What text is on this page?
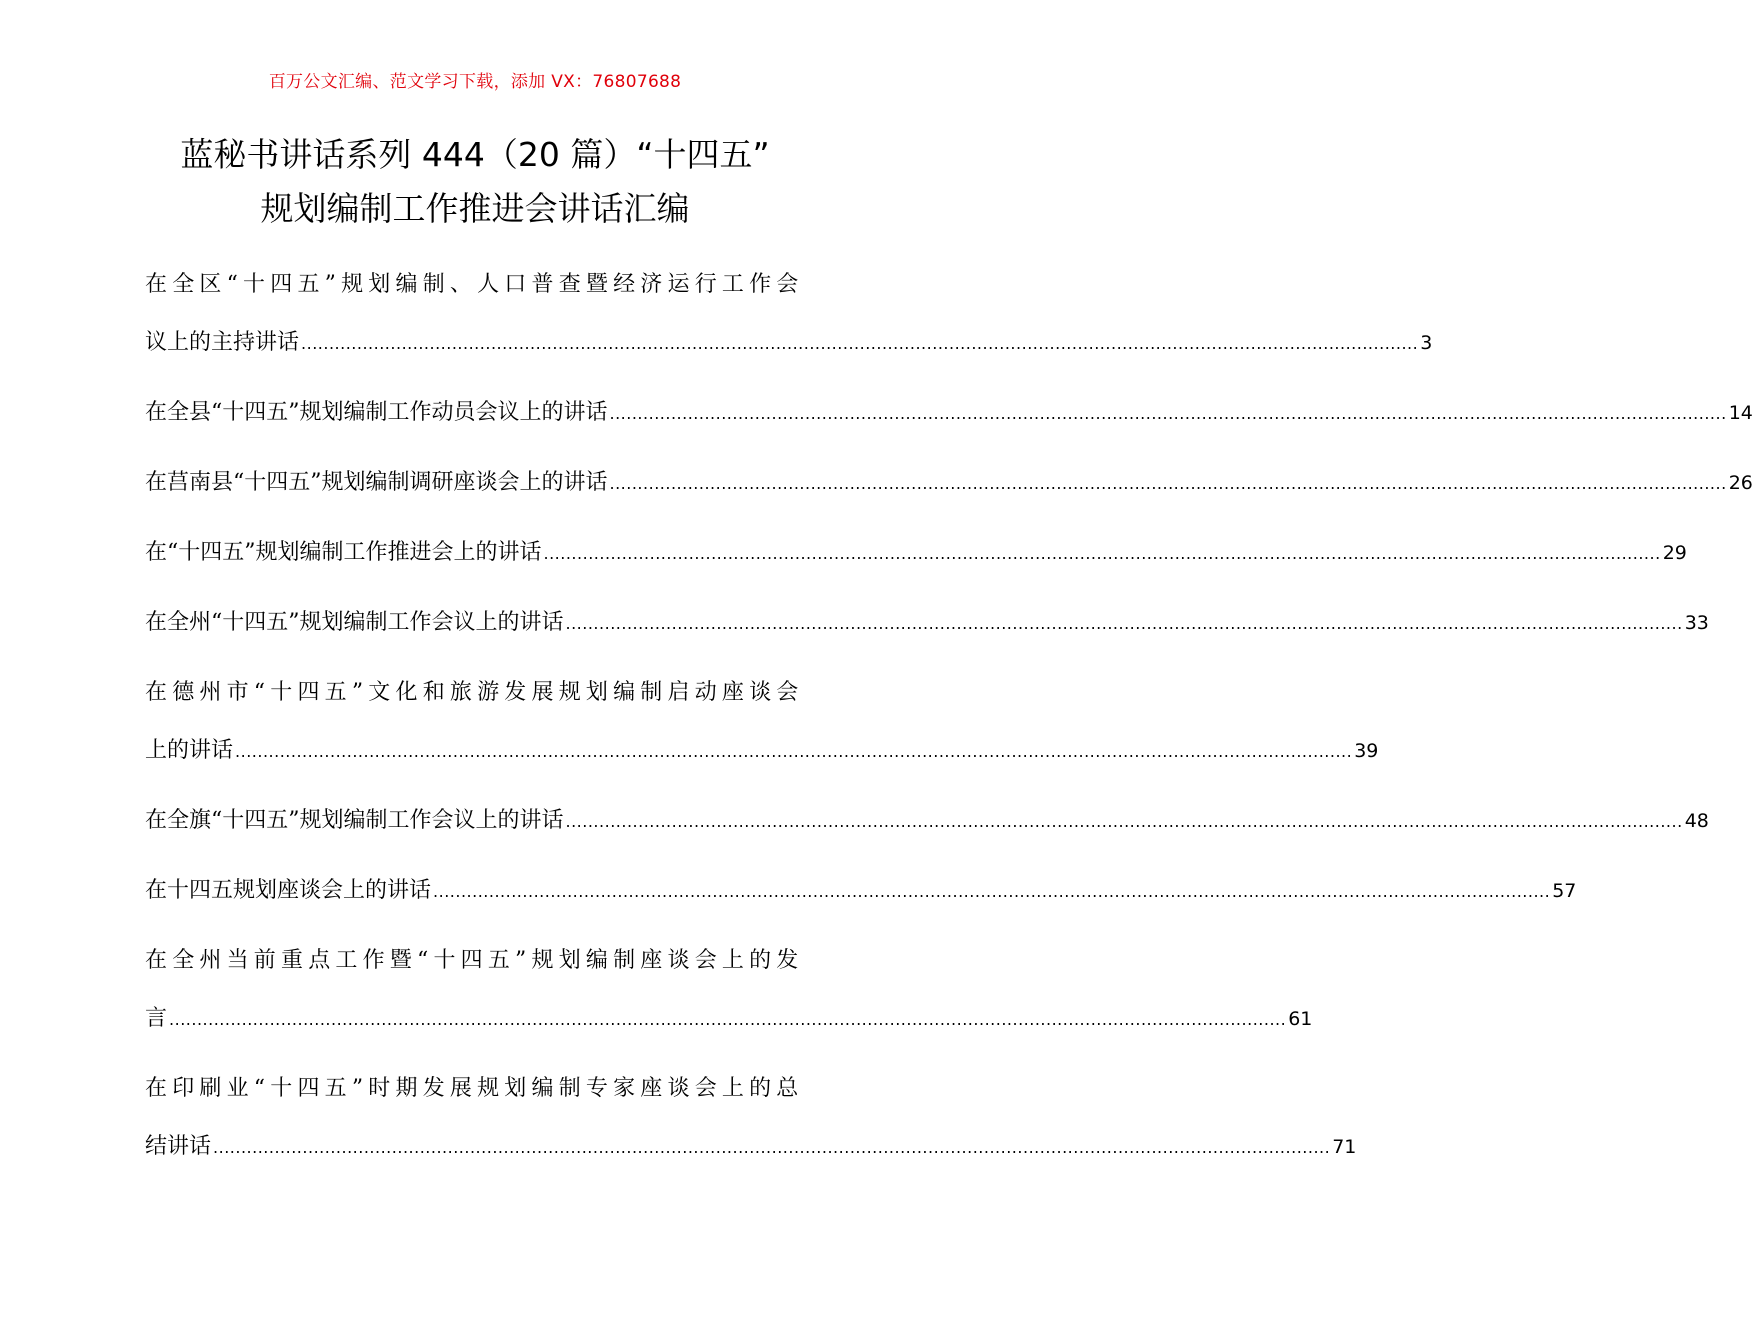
百万公文汇编、范文学习下载，添加 VX：76807688
蓝秘书讲话系列 444（20 篇）“十四五”
规划编制工作推进会讲话汇编
在全区“十四五”规划编制、人口普查暨经济运行工作会
议上的主持讲话 ........................................................................................................................................................................................................ 3
在全县“十四五”规划编制工作动员会议上的讲话 ........................................................................................................................................................................................................ 14
在莒南县“十四五”规划编制调研座谈会上的讲话 ........................................................................................................................................................................................................ 26
在“十四五”规划编制工作推进会上的讲话 ........................................................................................................................................................................................................ 29
在全州“十四五”规划编制工作会议上的讲话 ........................................................................................................................................................................................................ 33
在德州市“十四五”文化和旅游发展规划编制启动座谈会
上的讲话 ........................................................................................................................................................................................................ 39
在全旗“十四五”规划编制工作会议上的讲话 ........................................................................................................................................................................................................ 48
在十四五规划座谈会上的讲话 ........................................................................................................................................................................................................ 57
在全州当前重点工作暨“十四五”规划编制座谈会上的发
言 ........................................................................................................................................................................................................ 61
在印刷业“十四五”时期发展规划编制专家座谈会上的总
结讲话 ........................................................................................................................................................................................................ 71
